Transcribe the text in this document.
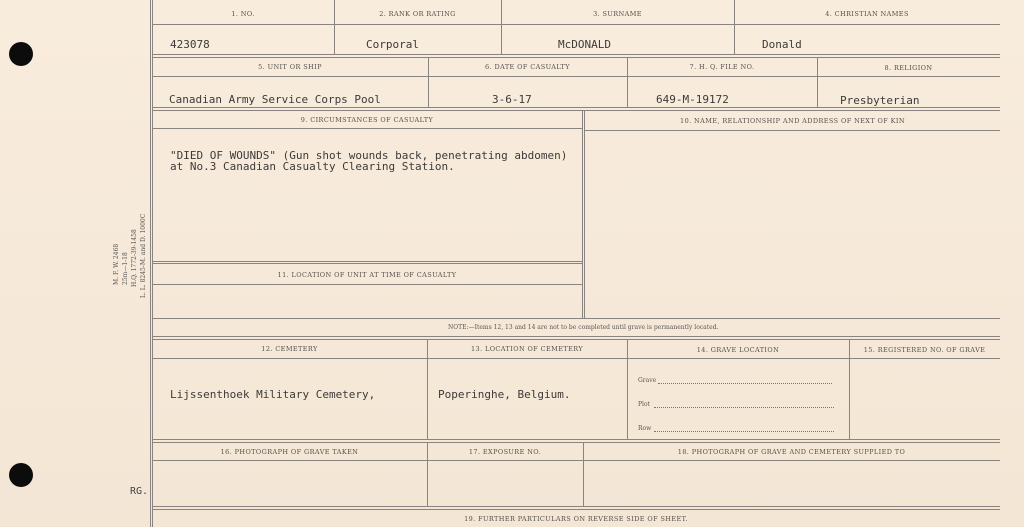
M. F. W. 2468 25m—1-18 H.Q. 1772-39-1458 L. L. 8245-M. and D. 1000C
RG.
1. NO.	2. RANK OR RATING	3. SURNAME	4. CHRISTIAN NAMES
423078	Corporal	McDONALD	Donald
5. UNIT OR SHIP	6. DATE OF CASUALTY	7. H. Q. FILE NO.	8. RELIGION
Canadian Army Service Corps Pool	3-6-17	649-M-19172	Presbyterian
9. CIRCUMSTANCES OF CASUALTY	10. NAME, RELATIONSHIP AND ADDRESS OF NEXT OF KIN
"DIED OF WOUNDS" (Gun shot wounds back, penetrating abdomen)
at No.3 Canadian Casualty Clearing Station.
11. LOCATION OF UNIT AT TIME OF CASUALTY
NOTE:—Items 12, 13 and 14 are not to be completed until grave is permanently located.
12. CEMETERY	13. LOCATION OF CEMETERY	14. GRAVE LOCATION	15. REGISTERED NO. OF GRAVE
Lijssenthoek Military Cemetery,	Poperinghe, Belgium.
Grave
Plot
Row
16. PHOTOGRAPH OF GRAVE TAKEN	17. EXPOSURE NO.	18. PHOTOGRAPH OF GRAVE AND CEMETERY SUPPLIED TO
19. FURTHER PARTICULARS ON REVERSE SIDE OF SHEET.
